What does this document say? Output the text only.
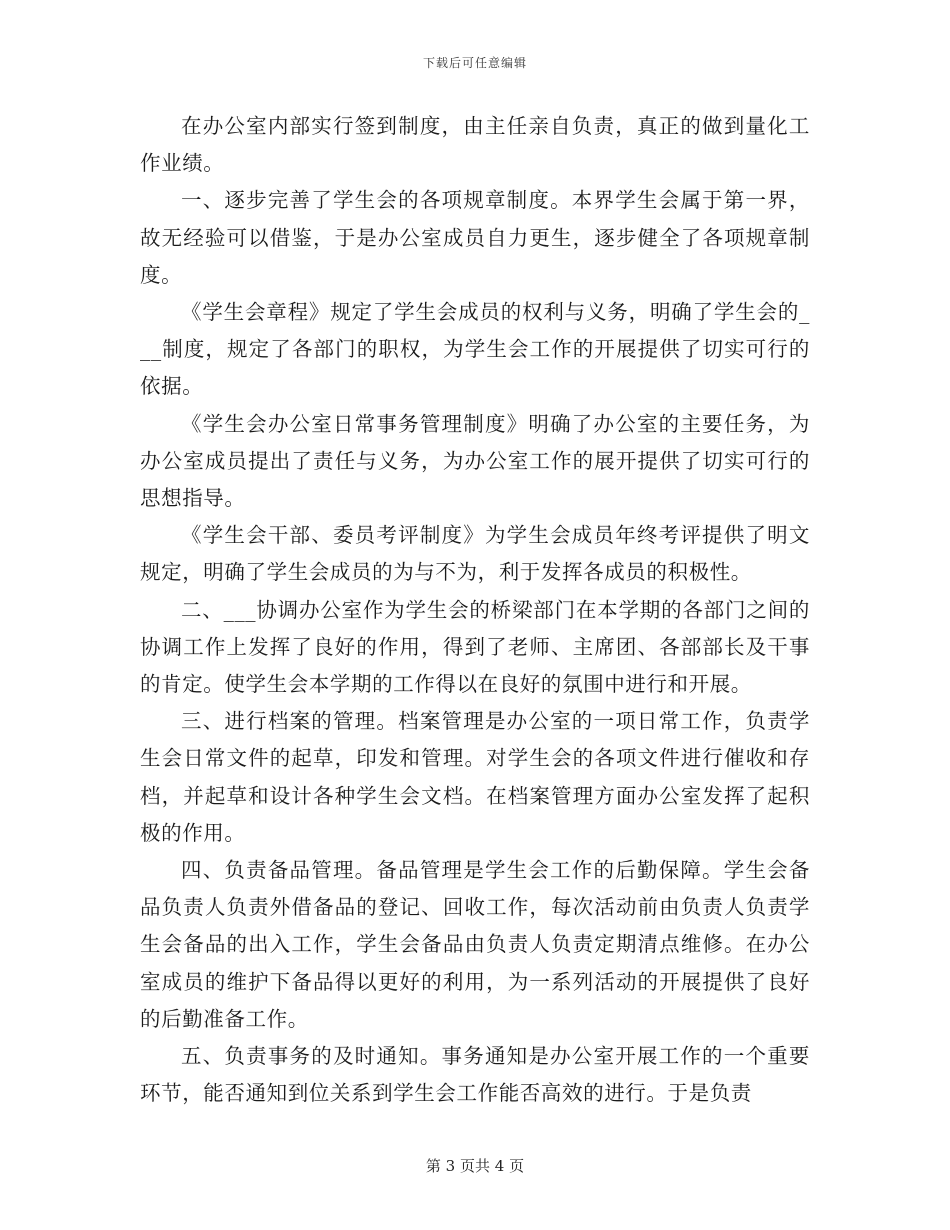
下载后可任意编辑

在办公室内部实行签到制度，由主任亲自负责，真正的做到量化工作业绩。

一、逐步完善了学生会的各项规章制度。本界学生会属于第一界，故无经验可以借鉴，于是办公室成员自力更生，逐步健全了各项规章制度。

《学生会章程》规定了学生会成员的权利与义务，明确了学生会的___制度，规定了各部门的职权，为学生会工作的开展提供了切实可行的依据。

《学生会办公室日常事务管理制度》明确了办公室的主要任务，为办公室成员提出了责任与义务，为办公室工作的展开提供了切实可行的思想指导。

《学生会干部、委员考评制度》为学生会成员年终考评提供了明文规定，明确了学生会成员的为与不为，利于发挥各成员的积极性。

二、___协调办公室作为学生会的桥梁部门在本学期的各部门之间的协调工作上发挥了良好的作用，得到了老师、主席团、各部部长及干事的肯定。使学生会本学期的工作得以在良好的氛围中进行和开展。

三、进行档案的管理。档案管理是办公室的一项日常工作，负责学生会日常文件的起草，印发和管理。对学生会的各项文件进行催收和存档，并起草和设计各种学生会文档。在档案管理方面办公室发挥了起积极的作用。

四、负责备品管理。备品管理是学生会工作的后勤保障。学生会备品负责人负责外借备品的登记、回收工作，每次活动前由负责人负责学生会备品的出入工作，学生会备品由负责人负责定期清点维修。在办公室成员的维护下备品得以更好的利用，为一系列活动的开展提供了良好的后勤准备工作。

五、负责事务的及时通知。事务通知是办公室开展工作的一个重要环节，能否通知到位关系到学生会工作能否高效的进行。于是负责

第 3 页共 4 页
